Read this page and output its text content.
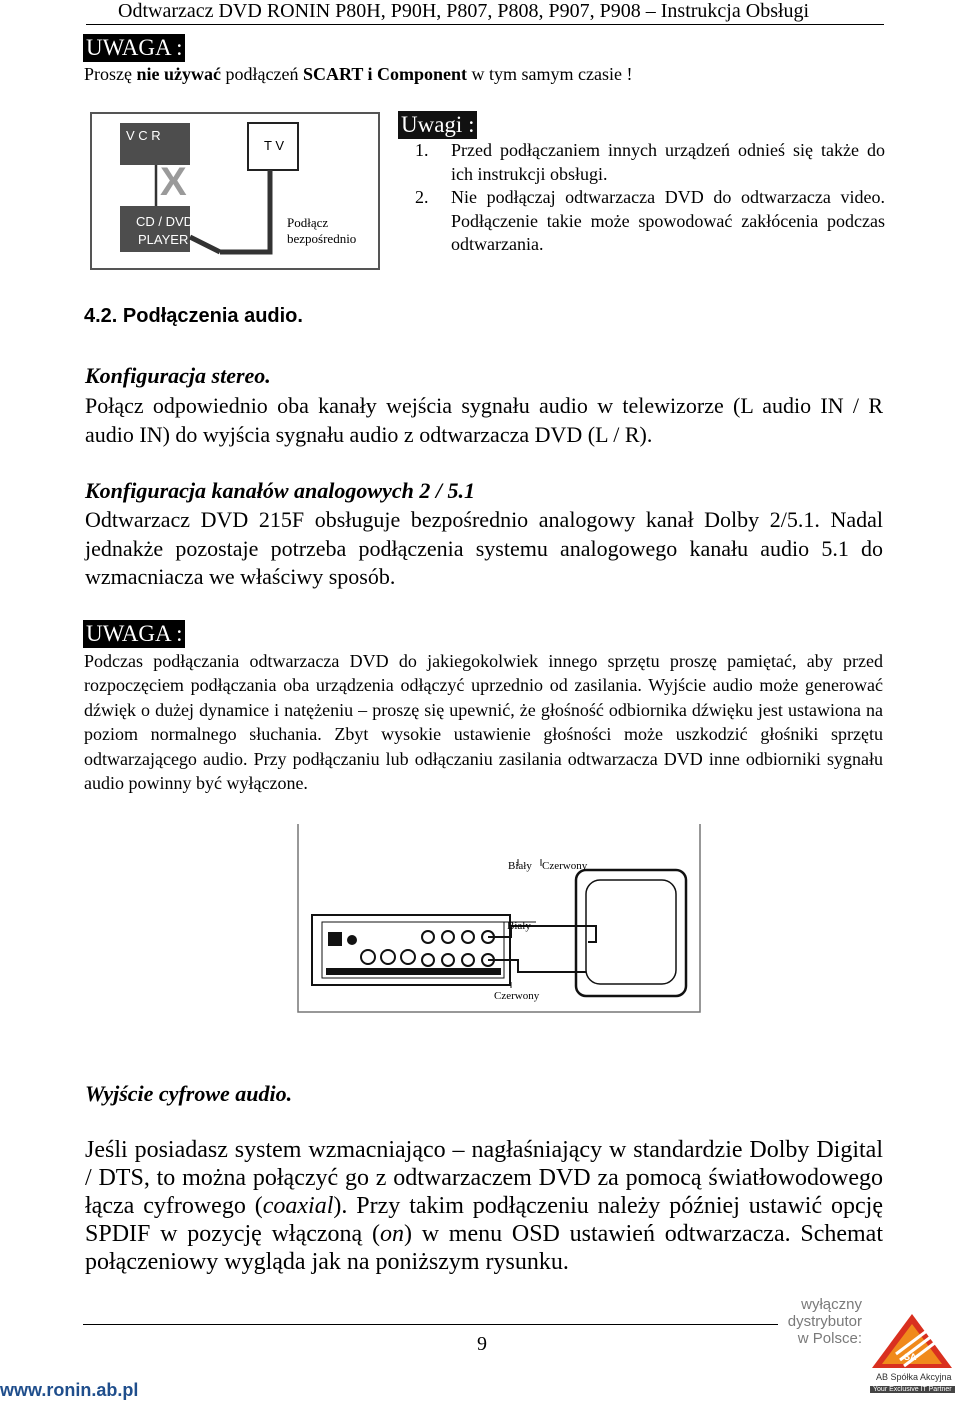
Odtwarzacz DVD RONIN P80H, P90H, P807, P808, P907, P908 – Instrukcja Obsługi
UWAGA :
Proszę nie używać podłączeń SCART i Component w tym samym czasie !
V C R
T V
CD / DVD
PLAYER
X
Podłącz
bezpośrednio
Uwagi :
1.	Przed podłączaniem innych urządzeń odnieś się także do ich instrukcji obsługi.
2.	Nie podłączaj odtwarzacza DVD do odtwarzacza video. Podłączenie takie może spowodować zakłócenia podczas odtwarzania.
4.2. Podłączenia audio.
Konfiguracja stereo.
Połącz odpowiednio oba kanały wejścia sygnału audio w telewizorze (L audio IN / R audio IN) do wyjścia sygnału audio z odtwarzacza DVD (L / R).
Konfiguracja kanałów analogowych 2 / 5.1
Odtwarzacz DVD 215F obsługuje bezpośrednio analogowy kanał Dolby 2/5.1. Nadal jednakże pozostaje potrzeba podłączenia systemu analogowego kanału audio 5.1 do wzmacniacza we właściwy sposób.
UWAGA :
Podczas podłączania odtwarzacza DVD do jakiegokolwiek innego sprzętu proszę pamiętać, aby przed rozpoczęciem podłączania oba urządzenia odłączyć uprzednio od zasilania. Wyjście audio może generować dźwięk o dużej dynamice i natężeniu – proszę się upewnić, że głośność odbiornika dźwięku jest ustawiona na poziom normalnego słuchania. Zbyt wysokie ustawienie głośności może uszkodzić głośniki sprzętu odtwarzającego audio. Przy podłączaniu lub odłączaniu zasilania odtwarzacza DVD inne odbiorniki sygnału audio powinny być wyłączone.
Biały Czerwony
Biały
Czerwony
Wyjście cyfrowe audio.
Jeśli posiadasz system wzmacniająco – nagłaśniający w standardzie Dolby Digital / DTS, to można połączyć go z odtwarzaczem DVD za pomocą światłowodowego łącza cyfrowego (coaxial). Przy takim podłączeniu należy później ustawić opcję SPDIF w pozycję włączoną (on) w menu OSD ustawień odtwarzacza. Schemat połączeniowy wygląda jak na poniższym rysunku.
9
www.ronin.ab.pl
wyłączny
dystrybutor
w Polsce:
SA
AB Spółka Akcyjna
Your Exclusive IT Partner
